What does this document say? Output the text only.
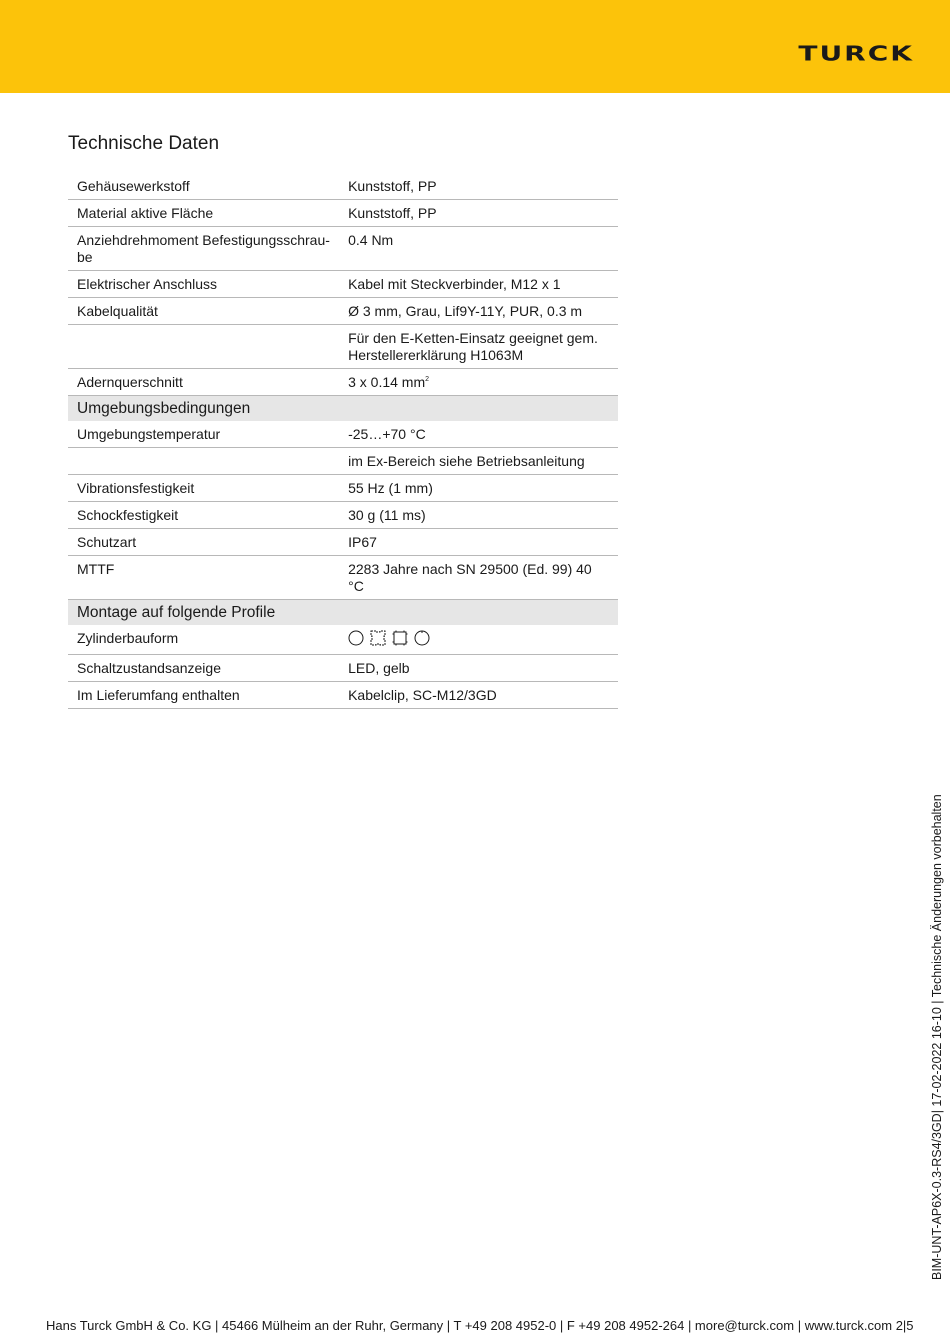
TURCK
Technische Daten
Gehäusewerkstoff	Kunststoff, PP
Material aktive Fläche	Kunststoff, PP
Anziehdrehmoment Befestigungsschrau-be	0.4 Nm
Elektrischer Anschluss	Kabel mit Steckverbinder, M12 x 1
Kabelqualität	Ø 3 mm, Grau, Lif9Y-11Y, PUR, 0.3 m
	Für den E-Ketten-Einsatz geeignet gem. Herstellererklärung H1063M
Adernquerschnitt	3 x 0.14 $mm^2$
Umgebungsbedingungen	
Umgebungstemperatur	-25…+70 °C
	im Ex-Bereich siehe Betriebsanleitung
Vibrationsfestigkeit	55 Hz (1 mm)
Schockfestigkeit	30 g (11 ms)
Schutzart	IP67
MTTF	2283 Jahre nach SN 29500 (Ed. 99) 40 °C
Montage auf folgende Profile	
Zylinderbauform	

Schaltzustandsanzeige	LED, gelb
Im Lieferumfang enthalten	Kabelclip, SC-M12/3GD
BIM-UNT-AP6X-0.3-RS4/3GD| 17-02-2022 16-10 | Technische Änderungen vorbehalten
Hans Turck GmbH & Co. KG | 45466 Mülheim an der Ruhr, Germany | T +49 208 4952-0 | F +49 208 4952-264 | more@turck.com | www.turck.com 2|5
